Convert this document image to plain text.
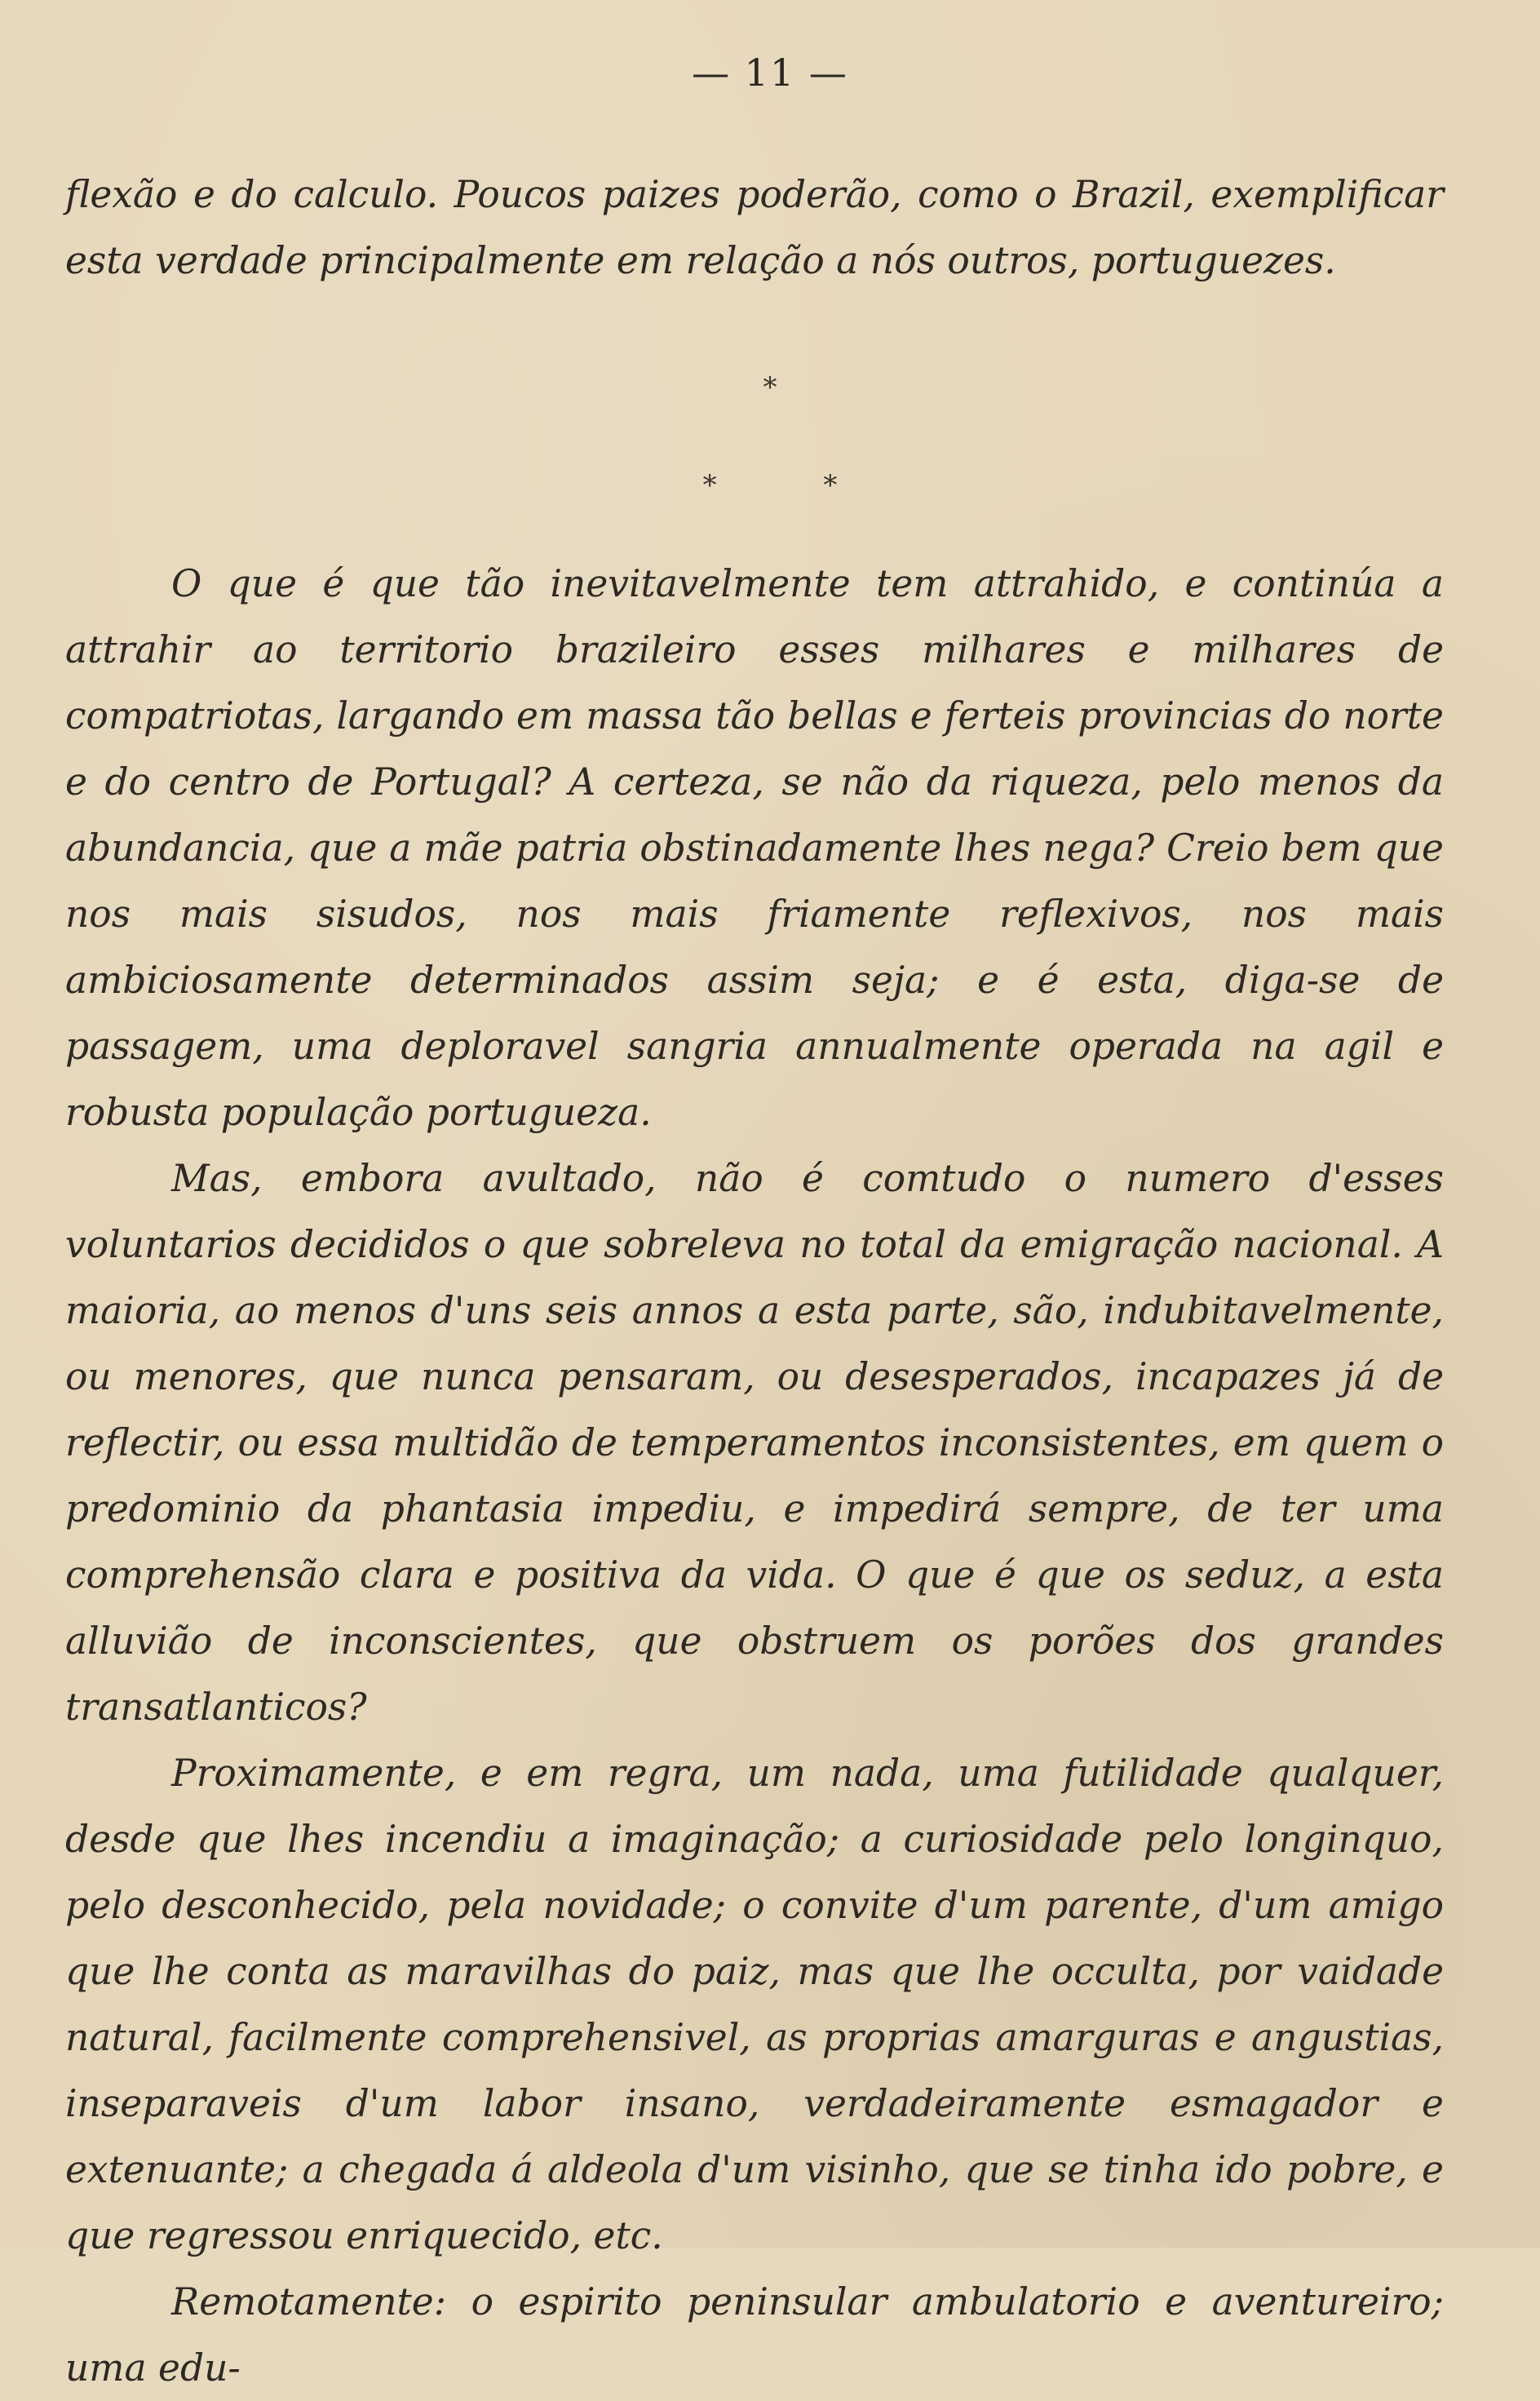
— 11 —

flexão e do calculo. Poucos paizes poderão, como o Brazil, exemplificar esta verdade principalmente em relação a nós outros, portuguezes.

*
* *

O que é que tão inevitavelmente tem attrahido, e continúa a attrahir ao territorio brazileiro esses milhares e milhares de compatriotas, largando em massa tão bellas e ferteis provincias do norte e do centro de Portugal? A certeza, se não da riqueza, pelo menos da abundancia, que a mãe patria obstinadamente lhes nega? Creio bem que nos mais sisudos, nos mais friamente reflexivos, nos mais ambiciosamente determinados assim seja; e é esta, diga-se de passagem, uma deploravel sangria annualmente operada na agil e robusta população portugueza.

Mas, embora avultado, não é comtudo o numero d'esses voluntarios decididos o que sobreleva no total da emigração nacional. A maioria, ao menos d'uns seis annos a esta parte, são, indubitavelmente, ou menores, que nunca pensaram, ou desesperados, incapazes já de reflectir, ou essa multidão de temperamentos inconsistentes, em quem o predominio da phantasia impediu, e impedirá sempre, de ter uma comprehensão clara e positiva da vida. O que é que os seduz, a esta alluvião de inconscientes, que obstruem os porões dos grandes transatlanticos?

Proximamente, e em regra, um nada, uma futilidade qualquer, desde que lhes incendiu a imaginação; a curiosidade pelo longinquo, pelo desconhecido, pela novidade; o convite d'um parente, d'um amigo que lhe conta as maravilhas do paiz, mas que lhe occulta, por vaidade natural, facilmente comprehensivel, as proprias amarguras e angustias, inseparaveis d'um labor insano, verdadeiramente esmagador e extenuante; a chegada á aldeola d'um visinho, que se tinha ido pobre, e que regressou enriquecido, etc.

Remotamente: o espirito peninsular ambulatorio e aventureiro; uma edu-
